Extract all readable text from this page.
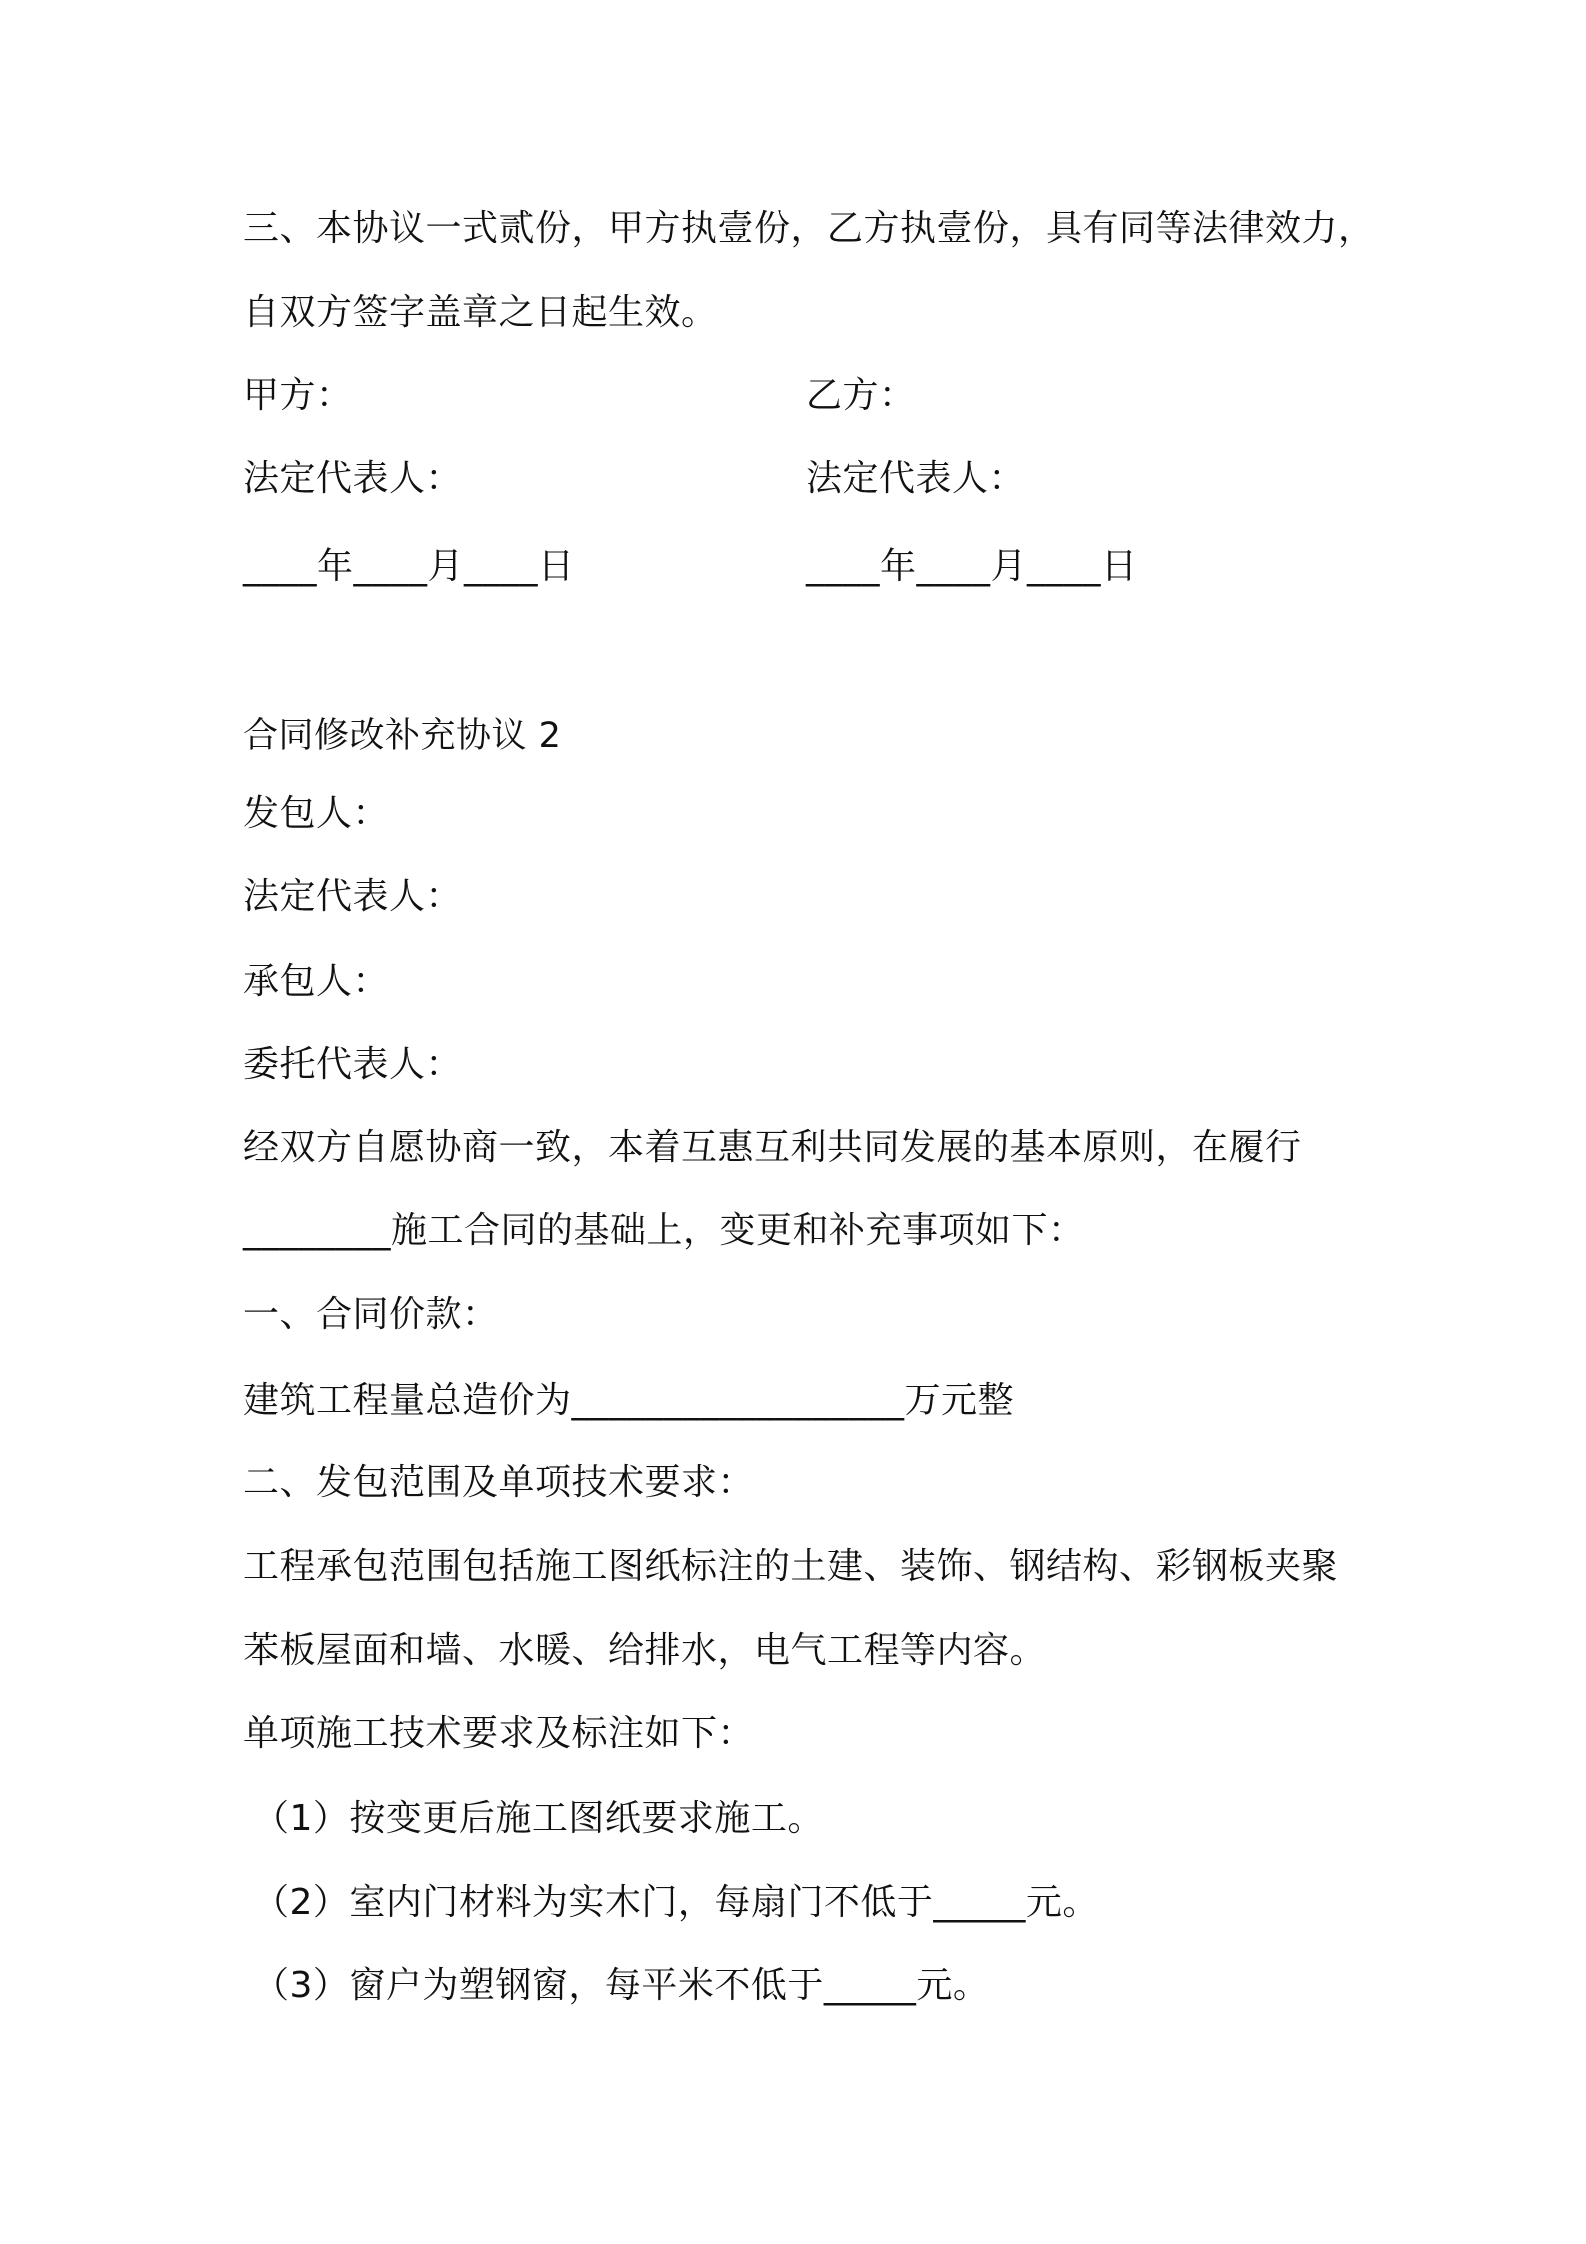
三、本协议一式贰份，甲方执壹份，乙方执壹份，具有同等法律效力，
自双方签字盖章之日起生效。
甲方：	乙方：
法定代表人：	法定代表人：
____年____月____日	____年____月____日
合同修改补充协议 2
发包人：
法定代表人：
承包人：
委托代表人：
经双方自愿协商一致，本着互惠互利共同发展的基本原则，在履行
________施工合同的基础上，变更和补充事项如下：
一、合同价款：
建筑工程量总造价为__________________万元整
二、发包范围及单项技术要求：
工程承包范围包括施工图纸标注的土建、装饰、钢结构、彩钢板夹聚
苯板屋面和墙、水暖、给排水，电气工程等内容。
单项施工技术要求及标注如下：
（1）按变更后施工图纸要求施工。
（2）室内门材料为实木门，每扇门不低于_____元。
（3）窗户为塑钢窗，每平米不低于_____元。
